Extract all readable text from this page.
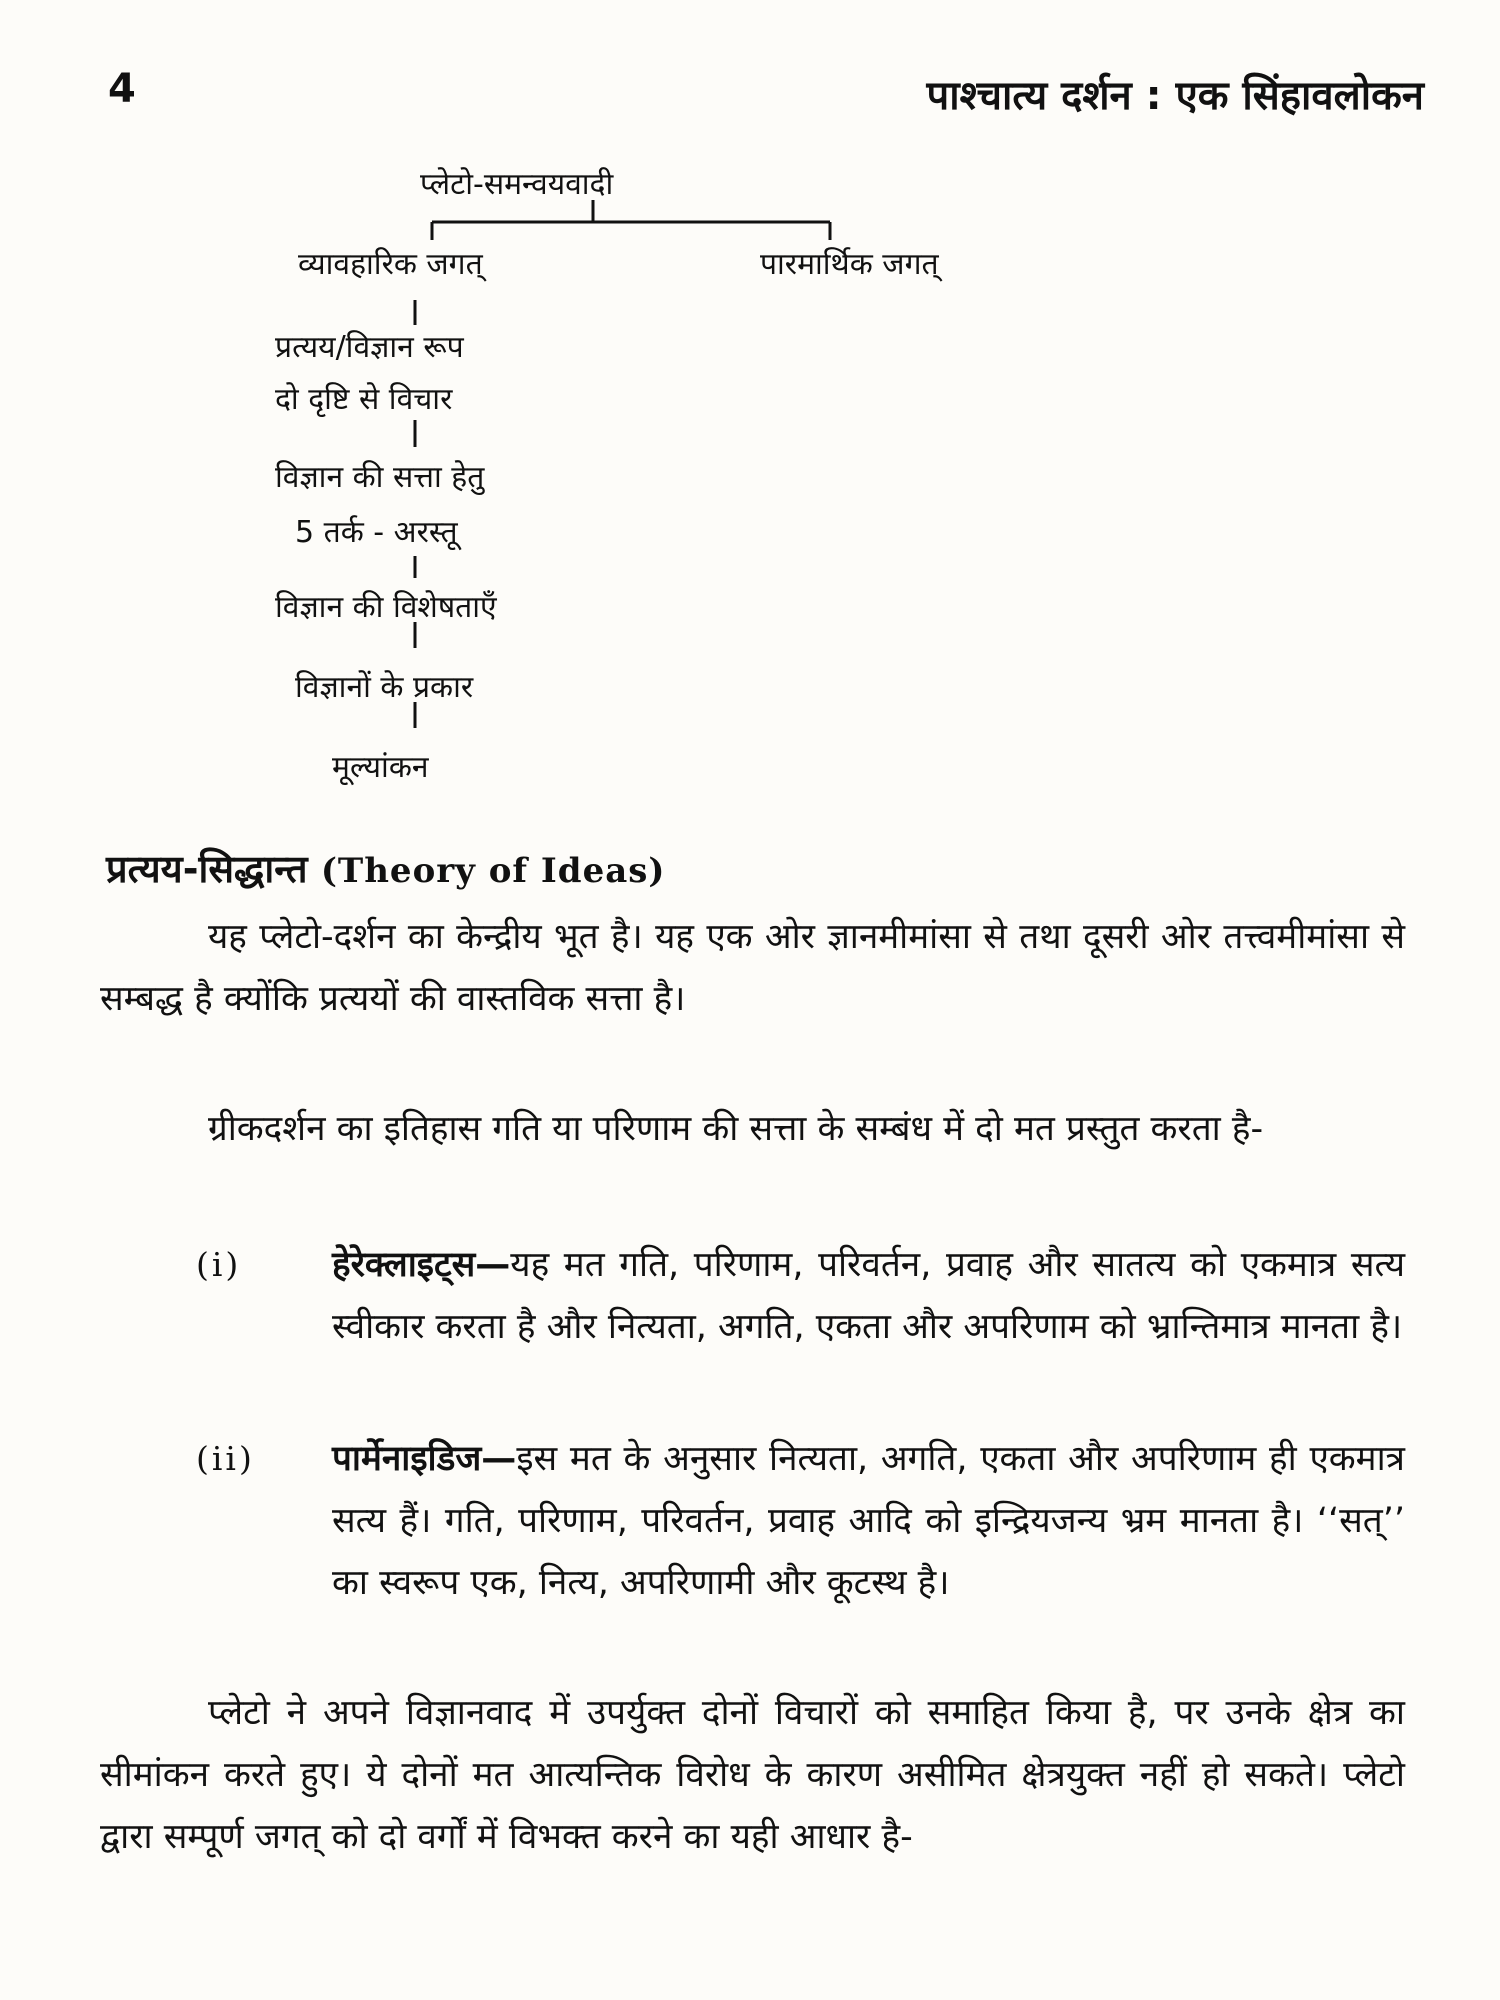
4	पाश्चात्य दर्शन : एक सिंहावलोकन
प्लेटो-समन्वयवादी
व्यावहारिक जगत्	पारमार्थिक जगत्
प्रत्यय/विज्ञान रूप
दो दृष्टि से विचार
विज्ञान की सत्ता हेतु
5 तर्क - अरस्तू
विज्ञान की विशेषताएँ
विज्ञानों के प्रकार
मूल्यांकन
प्रत्यय-सिद्धान्त (Theory of Ideas)

यह प्लेटो-दर्शन का केन्द्रीय भूत है। यह एक ओर ज्ञानमीमांसा से तथा दूसरी ओर तत्त्वमीमांसा से सम्बद्ध है क्योंकि प्रत्ययों की वास्तविक सत्ता है।

ग्रीकदर्शन का इतिहास गति या परिणाम की सत्ता के सम्बंध में दो मत प्रस्तुत करता है-

(i)	हेरेक्लाइट्स—यह मत गति, परिणाम, परिवर्तन, प्रवाह और सातत्य को एकमात्र सत्य स्वीकार करता है और नित्यता, अगति, एकता और अपरिणाम को भ्रान्तिमात्र मानता है।
(ii) पार्मेनाइडिज—इस मत के अनुसार नित्यता, अगति, एकता और अपरिणाम ही एकमात्र सत्य हैं। गति, परिणाम, परिवर्तन, प्रवाह आदि को इन्द्रियजन्य भ्रम मानता है। ‘‘सत्’’ का स्वरूप एक, नित्य, अपरिणामी और कूटस्थ है।

प्लेटो ने अपने विज्ञानवाद में उपर्युक्त दोनों विचारों को समाहित किया है, पर उनके क्षेत्र का सीमांकन करते हुए। ये दोनों मत आत्यन्तिक विरोध के कारण असीमित क्षेत्रयुक्त नहीं हो सकते। प्लेटो द्वारा सम्पूर्ण जगत् को दो वर्गों में विभक्त करने का यही आधार है-
